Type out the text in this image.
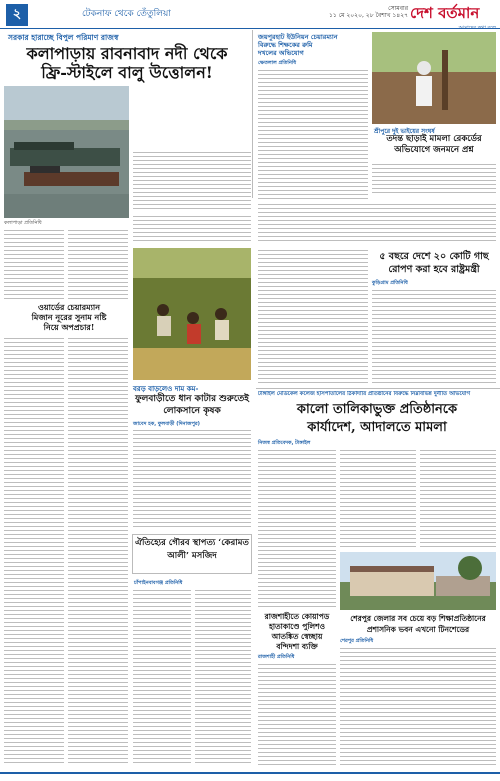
২	টেকনাফ থেকে তেঁতুলিয়া
সোমবার
১১ মে ২০২০, ২৮ বৈশাখ ১৪২৭ দেশ বর্তমান
সরকার হারাচ্ছে বিপুল পরিমাণ রাজস্ব
কলাপাড়ায় রাবনাবাদ নদী থেকে
ফ্রি-স্টাইলে বালু উত্তোলন!
কলাপাড়া প্রতিনিধি
ওয়ার্ডের চেয়ারম্যান
মিজান নূরের সুনাম নষ্টি
নিয়ে অপপ্রচার!
বরড় বাড়লেও দাম কম-
ফুলবাড়ীতে ধান কাটার শুরুতেই
লোকসানে কৃষক
জাবেদ হক, ফুলবাড়ী (দিনাজপুর)
ঐতিহ্যের গৌরব স্থাপত্য ‘কেরামত
আলী’ মসজিদ
চাঁপাইনবাবগঞ্জ প্রতিনিধি
জয়পুরহাট ইউনিয়ন চেয়ারম্যান
বিরুদ্ধে শিক্ষকের রুমি
দখলের অভিযোগ
ক্ষেতলাল প্রতিনিধি
শ্রীপুরে দুই ভাইয়ের সংঘর্ষ
তদন্ত ছাড়াই মামলা রেকর্ডের
অভিযোগে জনমনে প্রশ্ন
৫ বছরে দেশে ২০ কোটি গাছ
রোপণ করা হবে রাষ্ট্রমন্ত্রী
কুড়িগ্রাম প্রতিনিধি
টাঙ্গাইল মেডিকেল কলেজ হাসপাতালের ঠিকাদারি প্রতিষ্ঠানের বিরুদ্ধে নিম্নবিভিন্ন দুর্নীতি অভিযোগ
কালো তালিকাভুক্ত প্রতিষ্ঠানকে
কার্যাদেশ, আদালতে মামলা
নিজস্ব প্রতিবেদক, টাঙ্গাইল
রাজশাহীতে কোয়াপড
হাতাকাণ্ডে পুলিশও
আতঙ্কিত স্বেচ্ছায়
বন্দিদশা ব্যক্তি
রাজশাহী প্রতিনিধি
শেরপুর জেলার সব চেয়ে বড় শিক্ষাপ্রতিষ্ঠানের
প্রশাসনিক ভবন এখনো টিনশেডের
শেরপুর প্রতিনিধি
